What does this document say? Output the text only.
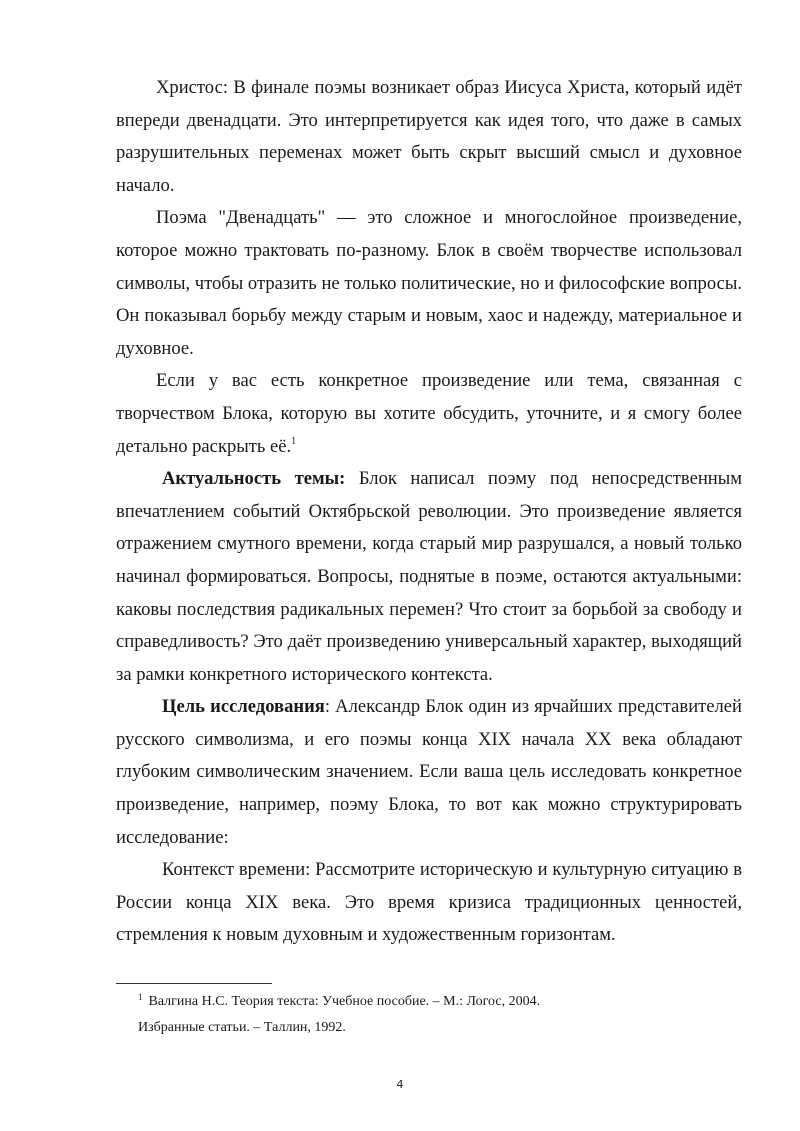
Христос: В финале поэмы возникает образ Иисуса Христа, который идёт впереди двенадцати. Это интерпретируется как идея того, что даже в самых разрушительных переменах может быть скрыт высший смысл и духовное начало.

Поэма "Двенадцать" — это сложное и многослойное произведение, которое можно трактовать по-разному. Блок в своём творчестве использовал символы, чтобы отразить не только политические, но и философские вопросы. Он показывал борьбу между старым и новым, хаос и надежду, материальное и духовное.

Если у вас есть конкретное произведение или тема, связанная с творчеством Блока, которую вы хотите обсудить, уточните, и я смогу более детально раскрыть её.$^1$

Актуальность темы: Блок написал поэму под непосредственным впечатлением событий Октябрьской революции. Это произведение является отражением смутного времени, когда старый мир разрушался, а новый только начинал формироваться. Вопросы, поднятые в поэме, остаются актуальными: каковы последствия радикальных перемен? Что стоит за борьбой за свободу и справедливость? Это даёт произведению универсальный характер, выходящий за рамки конкретного исторического контекста.

Цель исследования: Александр Блок один из ярчайших представителей русского символизма, и его поэмы конца XIX начала XX века обладают глубоким символическим значением. Если ваша цель исследовать конкретное произведение, например, поэму Блока, то вот как можно структурировать исследование:

Контекст времени: Рассмотрите историческую и культурную ситуацию в России конца XIX века. Это время кризиса традиционных ценностей, стремления к новым духовным и художественным горизонтам.

$^1$ Валгина Н.С. Теория текста: Учебное пособие. – М.: Логос, 2004.
Избранные статьи. – Таллин, 1992.
4
